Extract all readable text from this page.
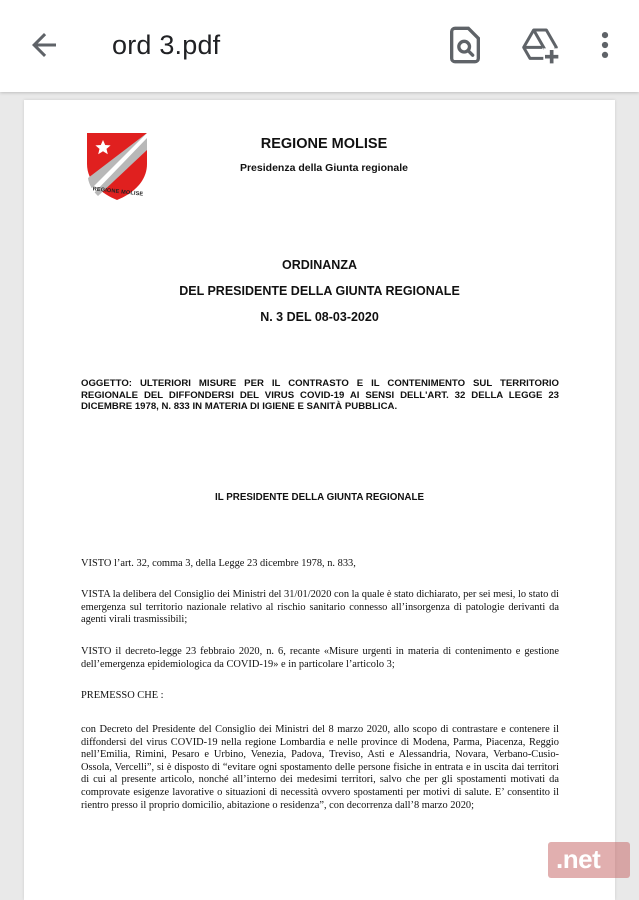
ord 3.pdf
REGIONE MOLISE
REGIONE MOLISE
Presidenza della Giunta regionale
ORDINANZA
DEL PRESIDENTE DELLA GIUNTA REGIONALE
N. 3 DEL 08-03-2020
OGGETTO: ULTERIORI MISURE PER IL CONTRASTO E IL CONTENIMENTO SUL TERRITORIO REGIONALE DEL DIFFONDERSI DEL VIRUS COVID-19 AI SENSI DELL'ART. 32 DELLA LEGGE 23 DICEMBRE 1978, N. 833 IN MATERIA DI IGIENE E SANITÀ PUBBLICA.
IL PRESIDENTE DELLA GIUNTA REGIONALE
VISTO l’art. 32, comma 3, della Legge 23 dicembre 1978, n. 833,
VISTA la delibera del Consiglio dei Ministri del 31/01/2020 con la quale è stato dichiarato, per sei mesi, lo stato di emergenza sul territorio nazionale relativo al rischio sanitario connesso all’insorgenza di patologie derivanti da agenti virali trasmissibili;
VISTO il decreto-legge 23 febbraio 2020, n. 6, recante «Misure urgenti in materia di contenimento e gestione dell’emergenza epidemiologica da COVID-19» e in particolare l’articolo 3;
PREMESSO CHE :
con Decreto del Presidente del Consiglio dei Ministri del 8 marzo 2020, allo scopo di contrastare e contenere il diffondersi del virus COVID-19 nella regione Lombardia e nelle province di Modena, Parma, Piacenza, Reggio nell’Emilia, Rimini, Pesaro e Urbino, Venezia, Padova, Treviso, Asti e Alessandria, Novara, Verbano-Cusio-Ossola, Vercelli”, si è disposto di “evitare ogni spostamento delle persone fisiche in entrata e in uscita dai territori di cui al presente articolo, nonché all’interno dei medesimi territori, salvo che per gli spostamenti motivati da comprovate esigenze lavorative o situazioni di necessità ovvero spostamenti per motivi di salute. E’ consentito il rientro presso il proprio domicilio, abitazione o residenza”, con decorrenza dall’8 marzo 2020;
.net
